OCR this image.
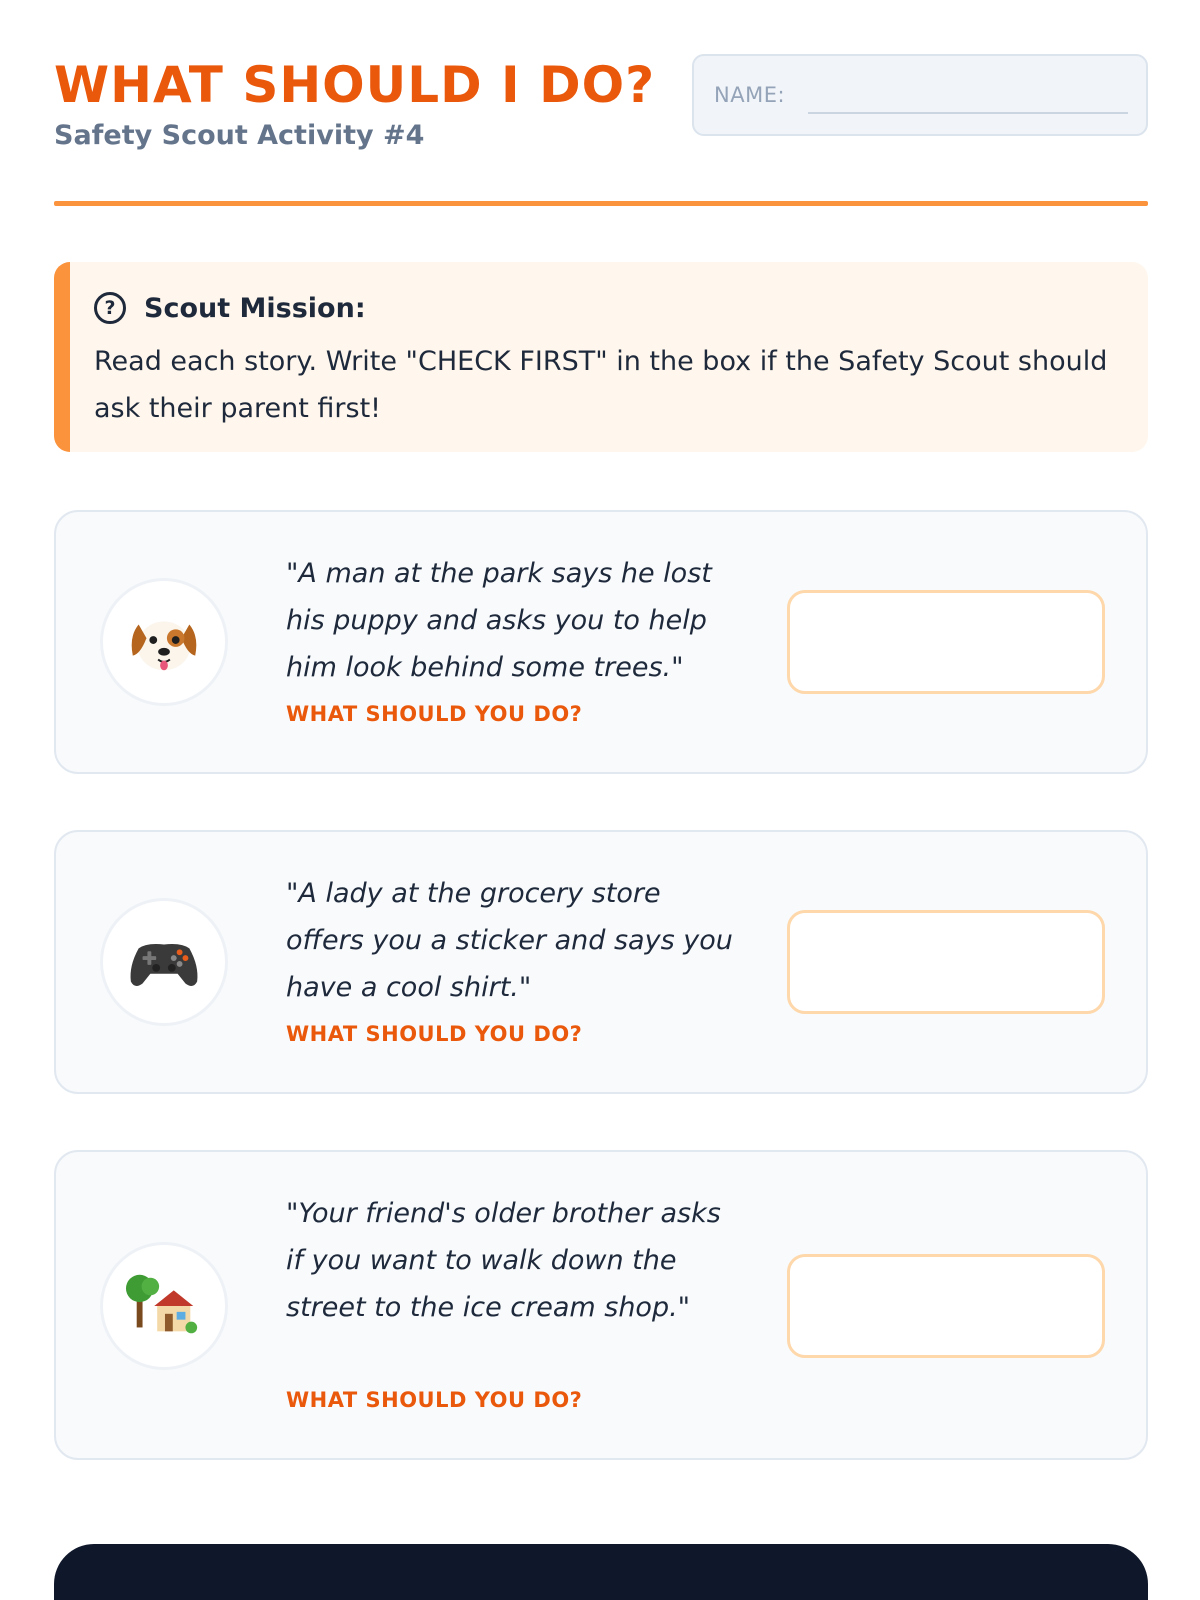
WHAT SHOULD I DO?
Safety Scout Activity #4
NAME:
?	Scout Mission:
Read each story. Write "CHECK FIRST" in the box if the Safety Scout should ask their parent first!
"A man at the park says he lost his puppy and asks you to help him look behind some trees."
WHAT SHOULD YOU DO?
"A lady at the grocery store offers you a sticker and says you have a cool shirt."
WHAT SHOULD YOU DO?
"Your friend's older brother asks if you want to walk down the street to the ice cream shop."
WHAT SHOULD YOU DO?
